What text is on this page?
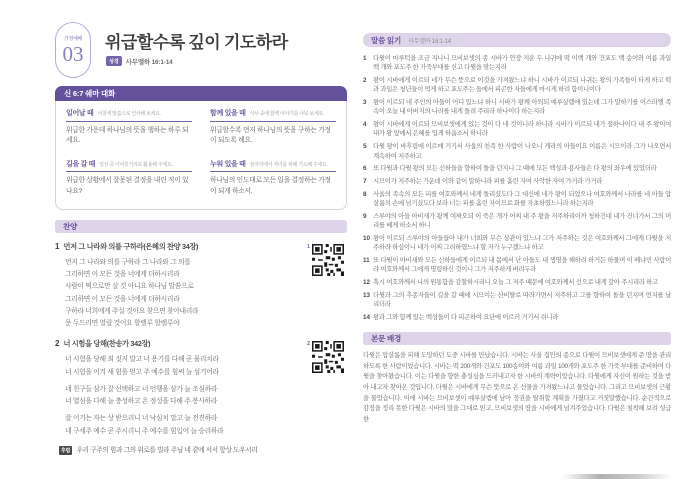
가정예배
03 위급할수록 깊이 기도하라
성경	사무엘하 16:1-14
신 6:7 쉐마 대화
일어날 때 아침에 말씀으로 인사해 보세요.

위급한 가운데 하나님의 뜻을 행하는 하루 되세요.

함께 있을 때 식사 중에 함께 이야기를 나눠 보세요.

위급할수록 먼저 하나님의 뜻을 구하는 가정이 되도록 해요.

길을 갈 때 일상 중 이야깃거리로 활용해 주세요.

위급한 상황에서 잘못된 결정을 내린 적이 있나요?

누워 있을 때 잠자리에서 자녀를 위해 기도해 주세요.

하나님의 인도대로 모든 일을 결정하는 가정이 되게 하소서.

찬양
1 먼저 그 나라와 의를 구하라(은혜의 찬양 34장)
먼저 그 나라와 의를 구하라 그 나라와 그 의를
그리하면 이 모든 것을 너에게 더하시리라
사람이 떡으로만 살 것 아니요 하나님 말씀으로
그리하면 이 모든 것을 너에게 더하시리라
구하라 너희에게 주실 것이요 찾으면 찾아내리라
문 두드리면 열릴 것이요 할렐루 할렐루야
1
2 너 시험을 당해(찬송가 342장)
너 시험을 당해 죄 짓지 말고 너 용기를 다해 곧 물리치라
너 시험을 이겨 새 힘을 얻고 주 예수를 힘써 늘 섬기어라
네 친구들 삼가 잘 선택하고 너 언행을 삼가 늘 조심하라
너 열심을 다해 늘 충성하고 온 정성을 다해 주 봉사하라
잘 이기는 자는 상 받으리니 너 낙심치 말고 늘 전진하라
네 구세주 예수 곧 주시리니 주 예수를 힘입어 늘 승리하라

후렴 우리 구주의 힘과 그의 위로를 빌라 주님 네 곁에 서서 항상 도우시리

2
말씀 읽기 사무엘하 16:1-14
1	다윗이 마루턱을 조금 지나니 므비보셋의 종 시바가 안장 지운 두 나귀에 떡 이백 개와 건포도 백 송이와 여름 과일 백 개와 포도주 한 가죽부대를 싣고 다윗을 맞는지라
2	왕이 시바에게 이르되 네가 무슨 뜻으로 이것을 가져왔느냐 하니 시바가 이르되 나귀는 왕의 가족들이 타게 하고 떡과 과일은 청년들이 먹게 하고 포도주는 들에서 피곤한 자들에게 마시게 하려 함이니이다
3	왕이 이르되 네 주인의 아들이 어디 있느냐 하니 시바가 왕께 아뢰되 예루살렘에 있는데 그가 말하기를 이스라엘 족속이 오늘 내 아버지의 나라를 내게 돌려 주리라 하나이다 하는지라
4	왕이 시바에게 이르되 므비보셋에게 있는 것이 다 네 것이니라 하니라 시바가 이르되 내가 절하나이다 내 주 왕이여 내가 왕 앞에서 은혜를 입게 하옵소서 하니라
5	다윗 왕이 바후림에 이르매 거기서 사울의 친족 한 사람이 나오니 게라의 아들이요 이름은 시므이라 그가 나오면서 계속하여 저주하고
6	또 다윗과 다윗 왕의 모든 신하들을 향하여 돌을 던지니 그 때에 모든 백성과 용사들은 다 왕의 좌우에 있었더라
7	시므이가 저주하는 가운데 이와 같이 말하니라 피를 흘린 자여 사악한 자여 가거라 가거라
8	사울의 족속의 모든 피를 여호와께서 네게 돌리셨도다 그 대신에 네가 왕이 되었으나 여호와께서 나라를 네 아들 압살롬의 손에 넘기셨도다 보라 너는 피를 흘린 자이므로 화를 자초하였느니라 하는지라
9	스루야의 아들 아비새가 왕께 여짜오되 이 죽은 개가 어찌 내 주 왕을 저주하리이까 청하건대 내가 건너가서 그의 머리를 베게 하소서 하니
10 왕이 이르되 스루야의 아들들아 내가 너희와 무슨 상관이 있느냐 그가 저주하는 것은 여호와께서 그에게 다윗을 저주하라 하심이니 네가 어찌 그리하였느냐 할 자가 누구겠느냐 하고
11 또 다윗이 아비새와 모든 신하들에게 이르되 내 몸에서 난 아들도 내 생명을 해하려 하거든 하물며 이 베냐민 사람이랴 여호와께서 그에게 명령하신 것이니 그가 저주하게 버려두라
12 혹시 여호와께서 나의 원통함을 감찰하시리니 오늘 그 저주 때문에 여호와께서 선으로 내게 갚아 주시리라 하고
13 다윗과 그의 추종자들이 길을 갈 때에 시므이는 산비탈로 따라가면서 저주하고 그를 향하여 돌을 던지며 먼지를 날리더라
14 왕과 그와 함께 있는 백성들이 다 피곤하여 요단에 이르러 거기서 쉬니라
본문 배경

다윗은 압살롬을 피해 도망하던 도중 시바를 만났습니다. 시바는 사울 집안의 종으로 다윗이 므비보셋에게 준 땅을 관리하도록 한 사람이었습니다. 시바는 떡 200개와 건포도 100송이와 여름 과일 100개와 포도주 한 가죽 부대를 준비하여 다윗을 찾아왔습니다. 이는 다윗을 향한 충성심을 드러내고자 한 시바의 계략이었습니다. 다윗에게 자신이 원하는 것을 받아 내고자 찾아온 것입니다. 다윗은 시바에게 무슨 뜻으로 온 선물을 가져왔느냐고 물었습니다. 그리고 므비보셋의 근황을 물었습니다. 이에 시바는 므비보셋이 예루살렘에 남아 정권을 탈취할 계획을 가졌다고 거짓말했습니다. 순간적으로 감정을 정리 못한 다윗은 시바의 말을 그대로 믿고, 므비보셋의 땅을 시바에게 넘겨주었습니다. 다윗은 침착해 보려 성급한
